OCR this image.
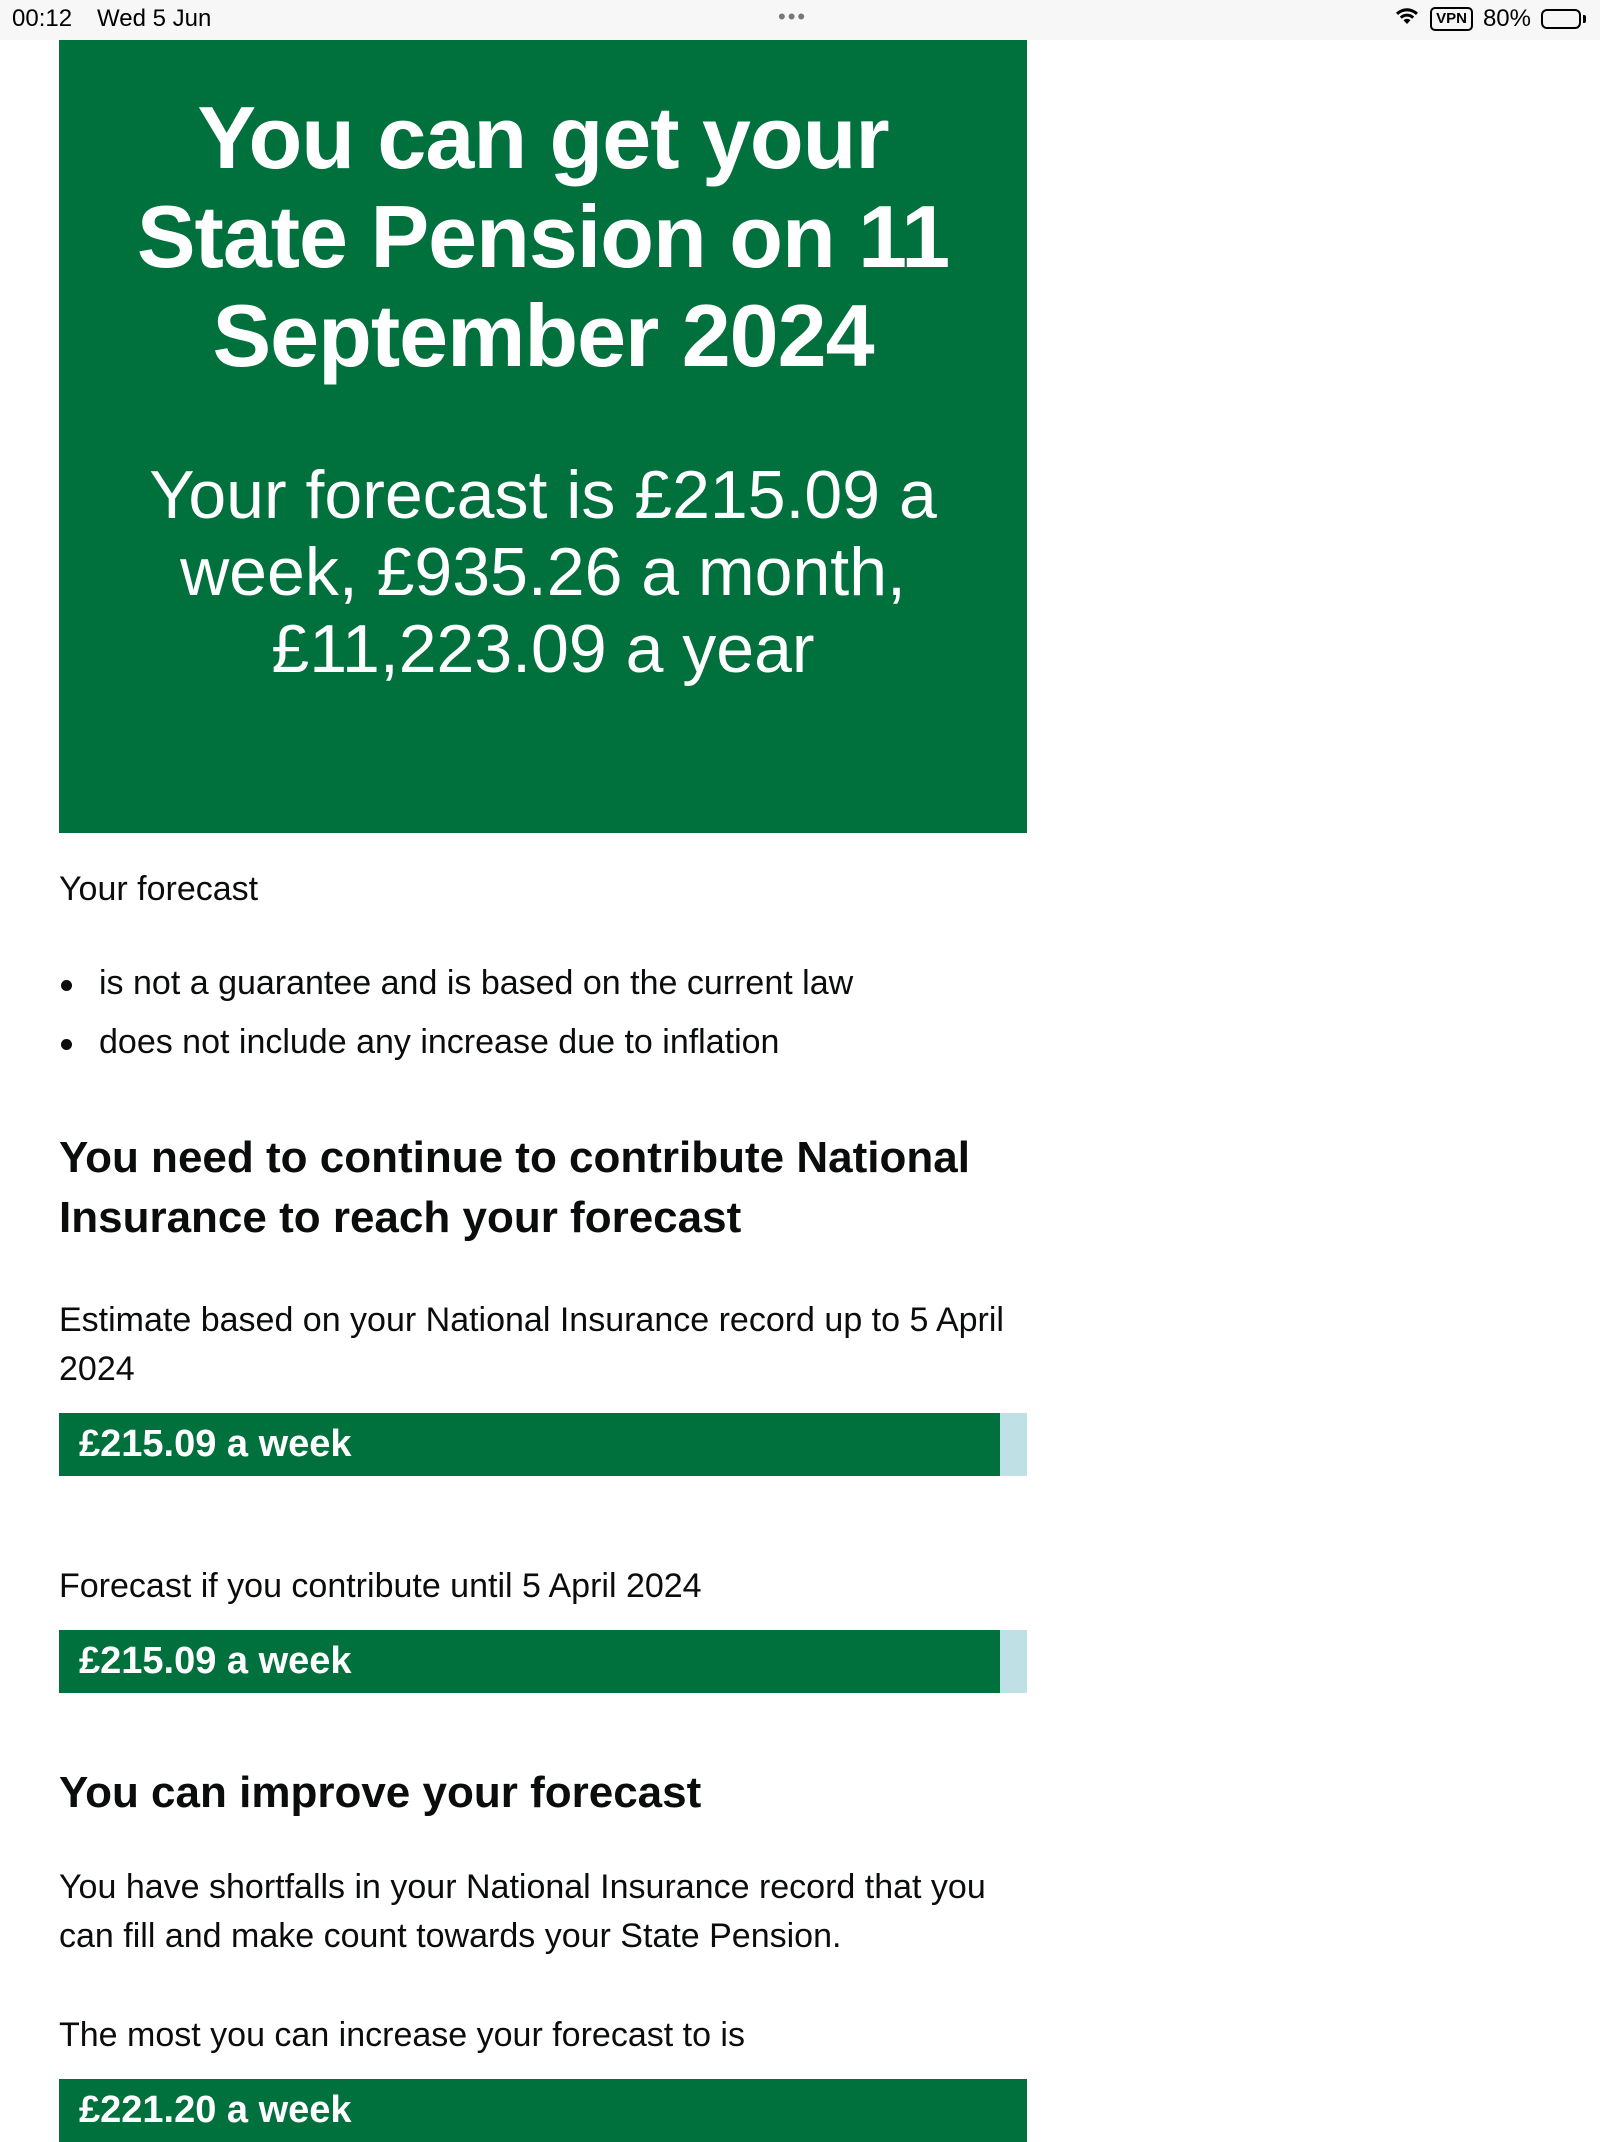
00:12 Wed 5 Jun	•••	VPN 80%
You can get your State Pension on 11 September 2024

Your forecast is £215.09 a week, £935.26 a month, £11,223.09 a year

Your forecast

is not a guarantee and is based on the current law
does not include any increase due to inflation
You need to continue to contribute National Insurance to reach your forecast

Estimate based on your National Insurance record up to 5 April 2024

£215.09 a week

Forecast if you contribute until 5 April 2024

£215.09 a week
You can improve your forecast

You have shortfalls in your National Insurance record that you can fill and make count towards your State Pension.

The most you can increase your forecast to is

£221.20 a week
